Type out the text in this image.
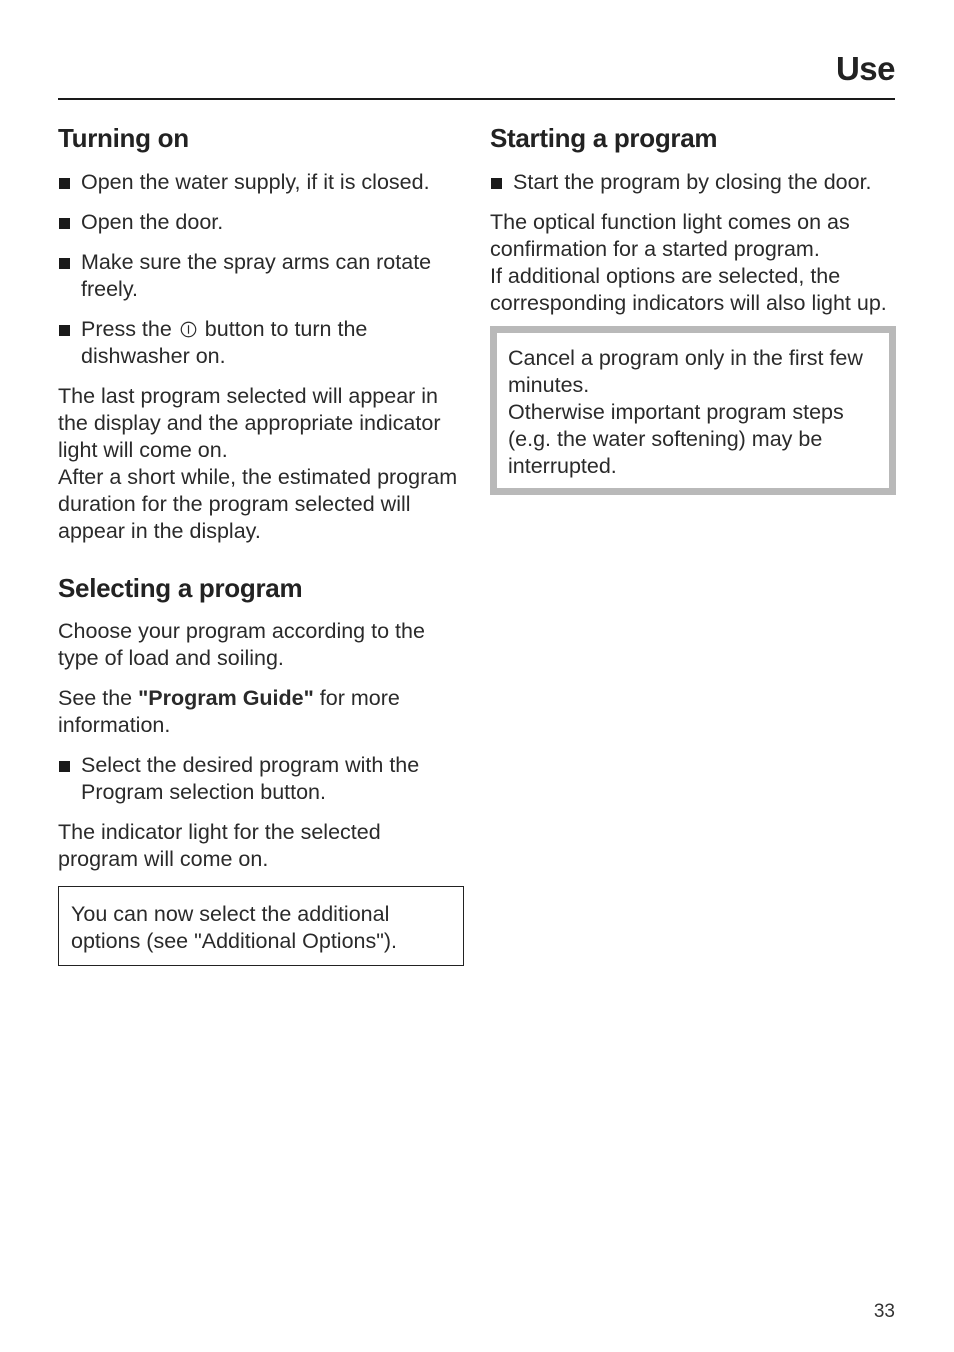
Use
Turning on
Open the water supply, if it is closed.
Open the door.
Make sure the spray arms can rotate freely.
Press the button to turn the dishwasher on.

The last program selected will appear in the display and the appropriate indicator light will come on.

After a short while, the estimated program duration for the program selected will appear in the display.

Selecting a program

Choose your program according to the type of load and soiling.

See the "Program Guide" for more information.

Select the desired program with the Program selection button.

The indicator light for the selected program will come on.

You can now select the additional options (see "Additional Options").

Starting a program
Start the program by closing the door.

The optical function light comes on as confirmation for a started program.

If additional options are selected, the corresponding indicators will also light up.

Cancel a program only in the first few minutes.

Otherwise important program steps (e.g. the water softening) may be interrupted.

33
